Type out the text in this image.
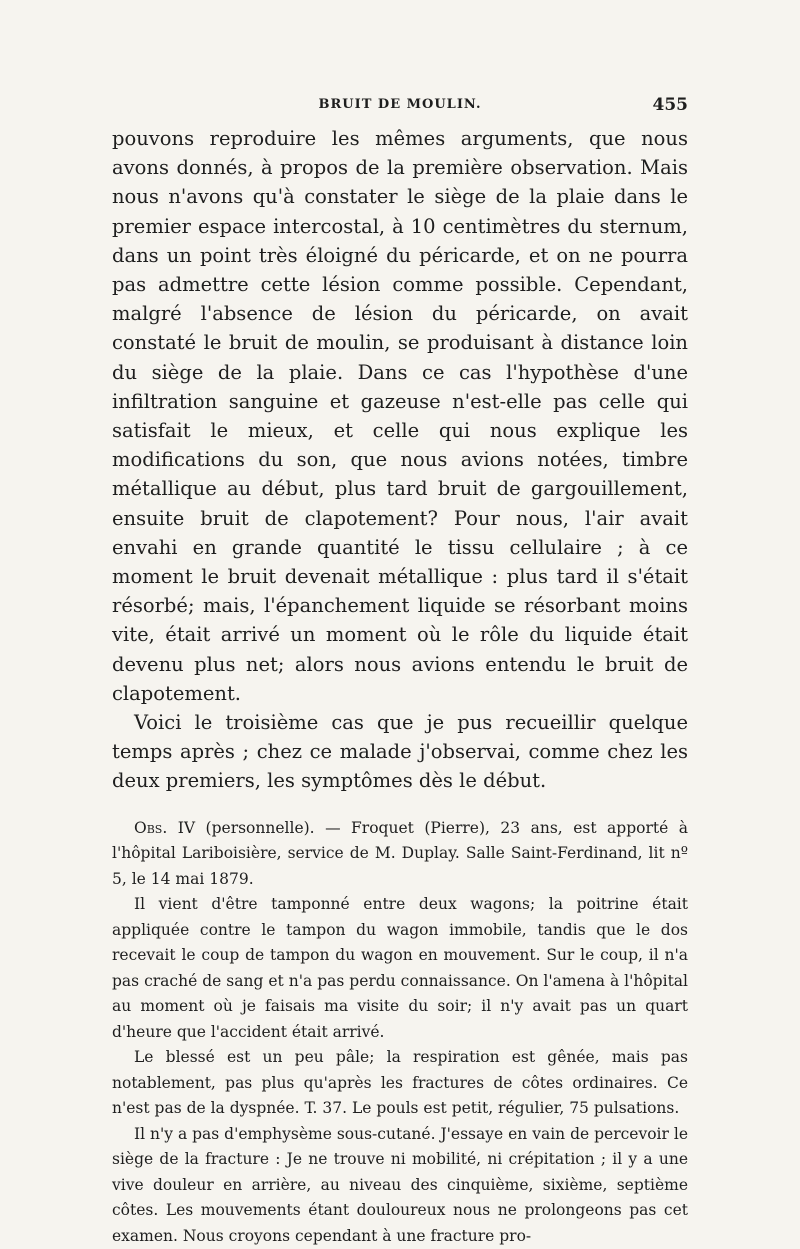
BRUIT DE MOULIN.	455

pouvons reproduire les mêmes arguments, que nous avons donnés, à propos de la première observation. Mais nous n'avons qu'à constater le siège de la plaie dans le premier espace intercostal, à 10 centimètres du sternum, dans un point très éloigné du péricarde, et on ne pourra pas admettre cette lésion comme possible. Cependant, malgré l'absence de lésion du péricarde, on avait constaté le bruit de moulin, se produisant à distance loin du siège de la plaie. Dans ce cas l'hypothèse d'une infiltration sanguine et gazeuse n'est-elle pas celle qui satisfait le mieux, et celle qui nous explique les modifications du son, que nous avions notées, timbre métallique au début, plus tard bruit de gargouillement, ensuite bruit de clapotement? Pour nous, l'air avait envahi en grande quantité le tissu cellulaire ; à ce moment le bruit devenait métallique : plus tard il s'était résorbé; mais, l'épanchement liquide se résorbant moins vite, était arrivé un moment où le rôle du liquide était devenu plus net; alors nous avions entendu le bruit de clapotement.

Voici le troisième cas que je pus recueillir quelque temps après ; chez ce malade j'observai, comme chez les deux premiers, les symptômes dès le début.

Obs. IV (personnelle). — Froquet (Pierre), 23 ans, est apporté à l'hôpital Lariboisière, service de M. Duplay. Salle Saint-Ferdinand, lit nº 5, le 14 mai 1879.

Il vient d'être tamponné entre deux wagons; la poitrine était appliquée contre le tampon du wagon immobile, tandis que le dos recevait le coup de tampon du wagon en mouvement. Sur le coup, il n'a pas craché de sang et n'a pas perdu connaissance. On l'amena à l'hôpital au moment où je faisais ma visite du soir; il n'y avait pas un quart d'heure que l'accident était arrivé.

Le blessé est un peu pâle; la respiration est gênée, mais pas notablement, pas plus qu'après les fractures de côtes ordinaires. Ce n'est pas de la dyspnée. T. 37. Le pouls est petit, régulier, 75 pulsations.

Il n'y a pas d'emphysème sous-cutané. J'essaye en vain de percevoir le siège de la fracture : Je ne trouve ni mobilité, ni crépitation ; il y a une vive douleur en arrière, au niveau des cinquième, sixième, septième côtes. Les mouvements étant douloureux nous ne prolongeons pas cet examen. Nous croyons cependant à une fracture pro-
